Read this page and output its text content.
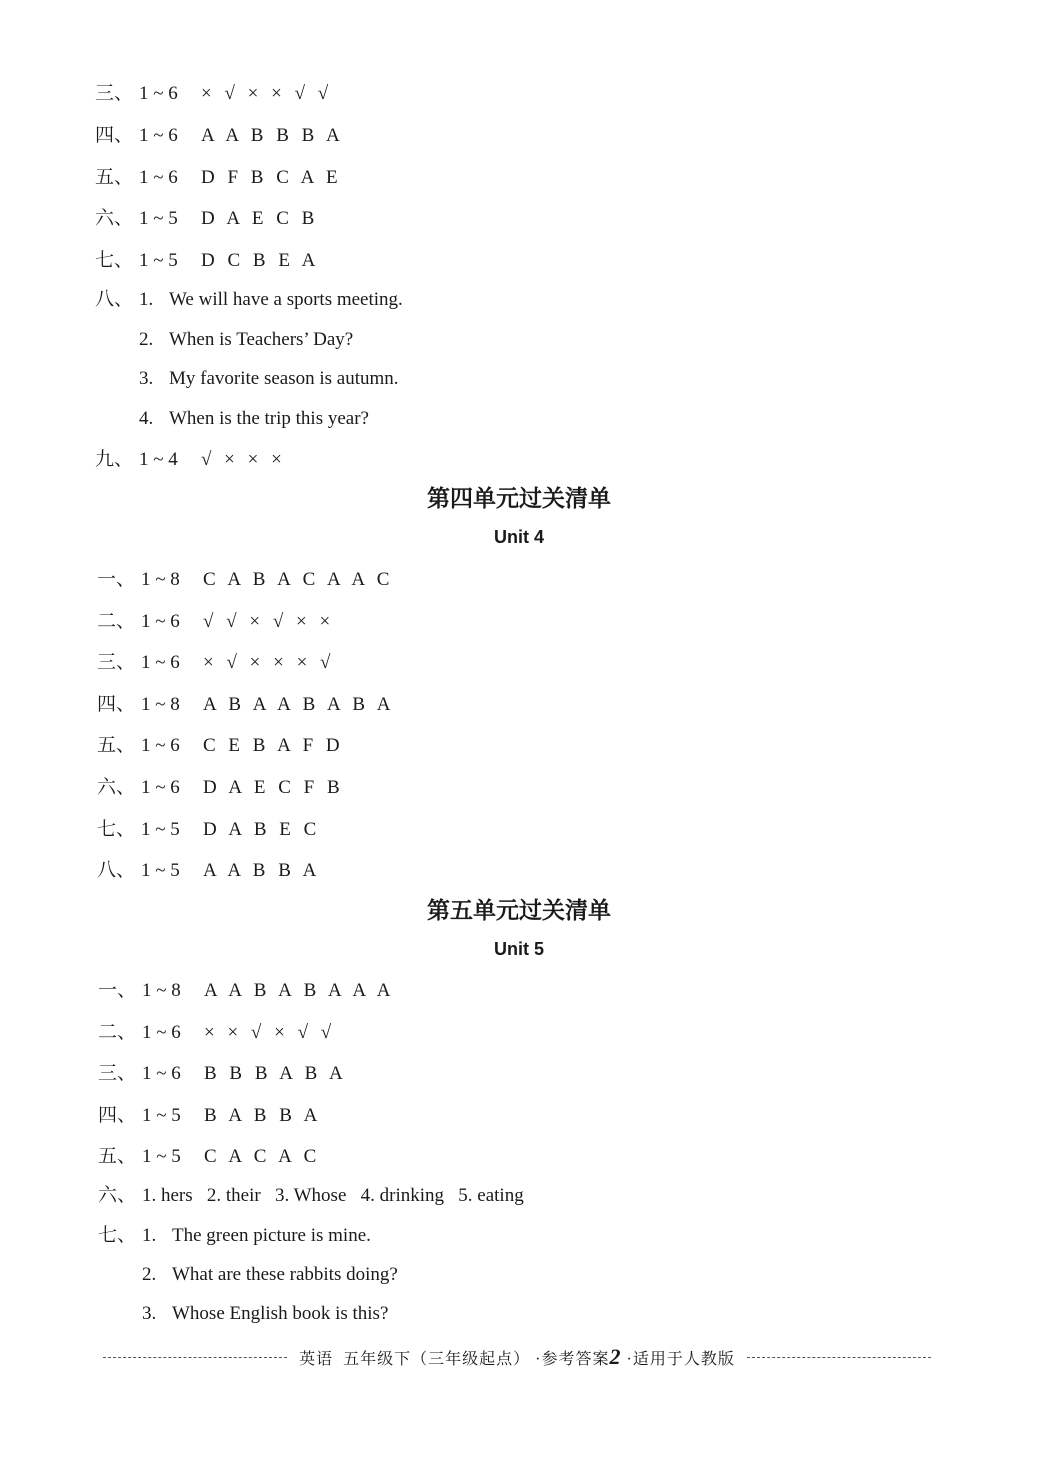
三、 1 ~ 6 × √ × × √ √
四、 1 ~ 6 A A B B B A
五、 1 ~ 6 D F B C A E
六、 1 ~ 5 D A E C B
七、 1 ~ 5 D C B E A
八、 1. We will have a sports meeting.
2. When is Teachers’ Day?
3. My favorite season is autumn.
4. When is the trip this year?
九、 1 ~ 4 √ × × ×
第四单元过关清单
Unit 4
一、 1 ~ 8 C A B A C A A C
二、 1 ~ 6 √ √ × √ × ×
三、 1 ~ 6 × √ × × × √
四、 1 ~ 8 A B A A B A B A
五、 1 ~ 6 C E B A F D
六、 1 ~ 6 D A E C F B
七、 1 ~ 5 D A B E C
八、 1 ~ 5 A A B B A
第五单元过关清单
Unit 5
一、 1 ~ 8 A A B A B A A A
二、 1 ~ 6 × × √ × √ √
三、 1 ~ 6 B B B A B A
四、 1 ~ 5 B A B B A
五、 1 ~ 5 C A C A C
六、 1. hers   2. their   3. Whose   4. drinking   5. eating
七、 1. The green picture is mine.
2. What are these rabbits doing?
3. Whose English book is this?
英语 五年级下（三年级起点） ·参考答案2 ·适用于人教版
